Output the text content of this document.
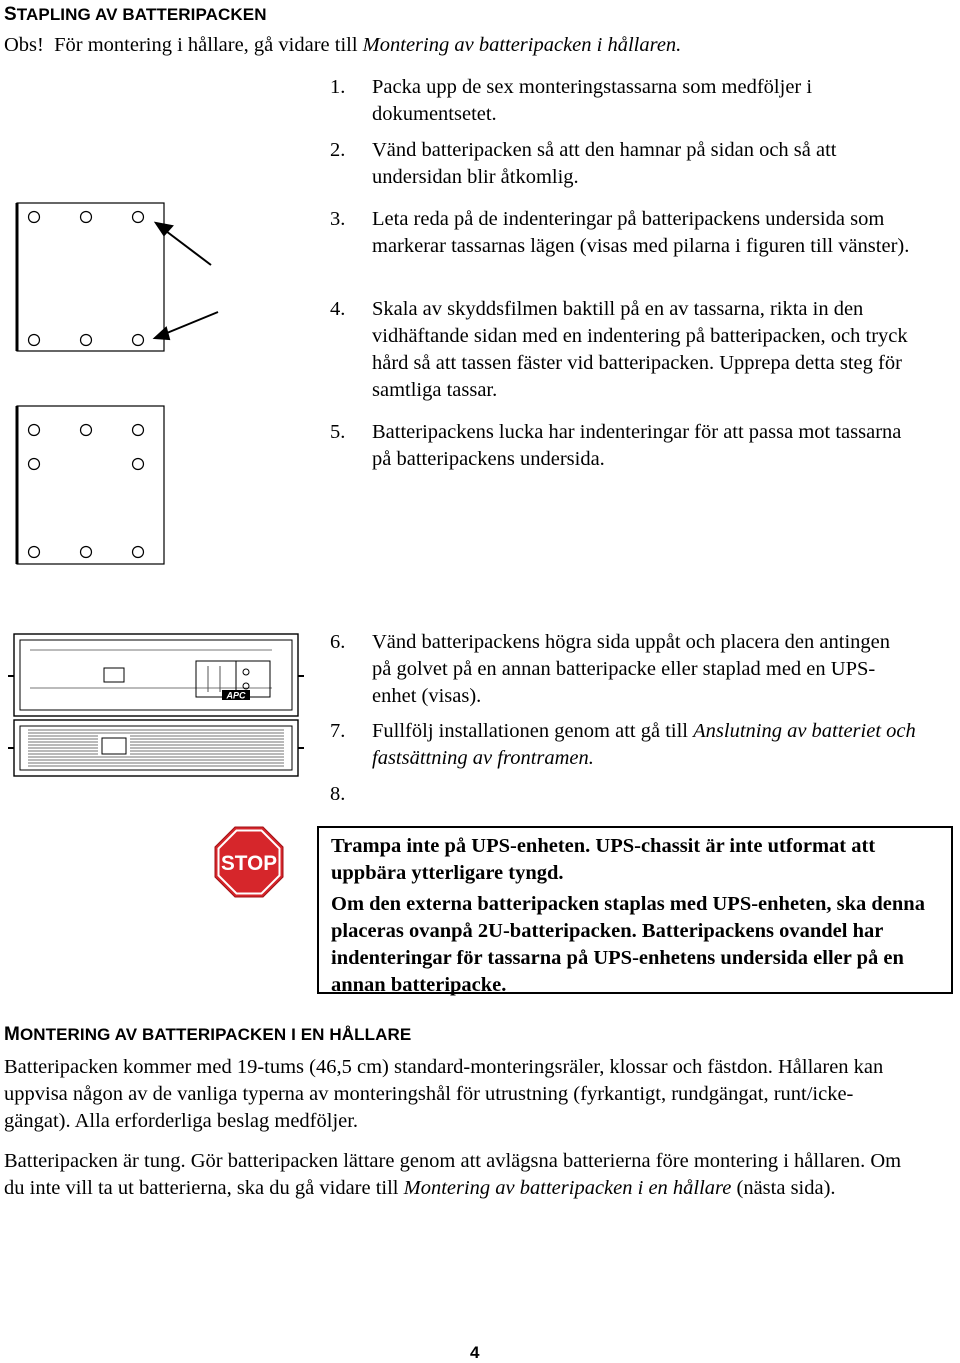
STAPLING AV BATTERIPACKEN
Obs! För montering i hållare, gå vidare till Montering av batteripacken i hållaren.
1. Packa upp de sex monteringstassarna som medföljer i dokumentsetet.
2. Vänd batteripacken så att den hamnar på sidan och så att undersidan blir åtkomlig.
3. Leta reda på de indenteringar på batteripackens undersida som markerar tassarnas lägen (visas med pilarna i figuren till vänster).
4. Skala av skyddsfilmen baktill på en av tassarna, rikta in den vidhäftande sidan med en indentering på batteripacken, och tryck hård så att tassen fäster vid batteripacken. Upprepa detta steg för samtliga tassar.
5. Batteripackens lucka har indenteringar för att passa mot tassarna på batteripackens undersida.
APC
6. Vänd batteripackens högra sida uppåt och placera den antingen på golvet på en annan batteripacke eller staplad med en UPS-enhet (visas).
7. Fullfölj installationen genom att gå till Anslutning av batteriet och fastsättning av frontramen.
8.
STOP

Trampa inte på UPS-enheten. UPS-chassit är inte utformat att uppbära ytterligare tyngd.

Om den externa batteripacken staplas med UPS-enheten, ska denna placeras ovanpå 2U-batteripacken. Batteripackens ovandel har indenteringar för tassarna på UPS-enhetens undersida eller på en annan batteripacke.

MONTERING AV BATTERIPACKEN I EN HÅLLARE
Batteripacken kommer med 19-tums (46,5 cm) standard-monteringsräler, klossar och fästdon. Hållaren kan uppvisa någon av de vanliga typerna av monteringshål för utrustning (fyrkantigt, rundgängat, runt/icke-gängat). Alla erforderliga beslag medföljer.
Batteripacken är tung. Gör batteripacken lättare genom att avlägsna batterierna före montering i hållaren. Om du inte vill ta ut batterierna, ska du gå vidare till Montering av batteripacken i en hållare (nästa sida).
4
